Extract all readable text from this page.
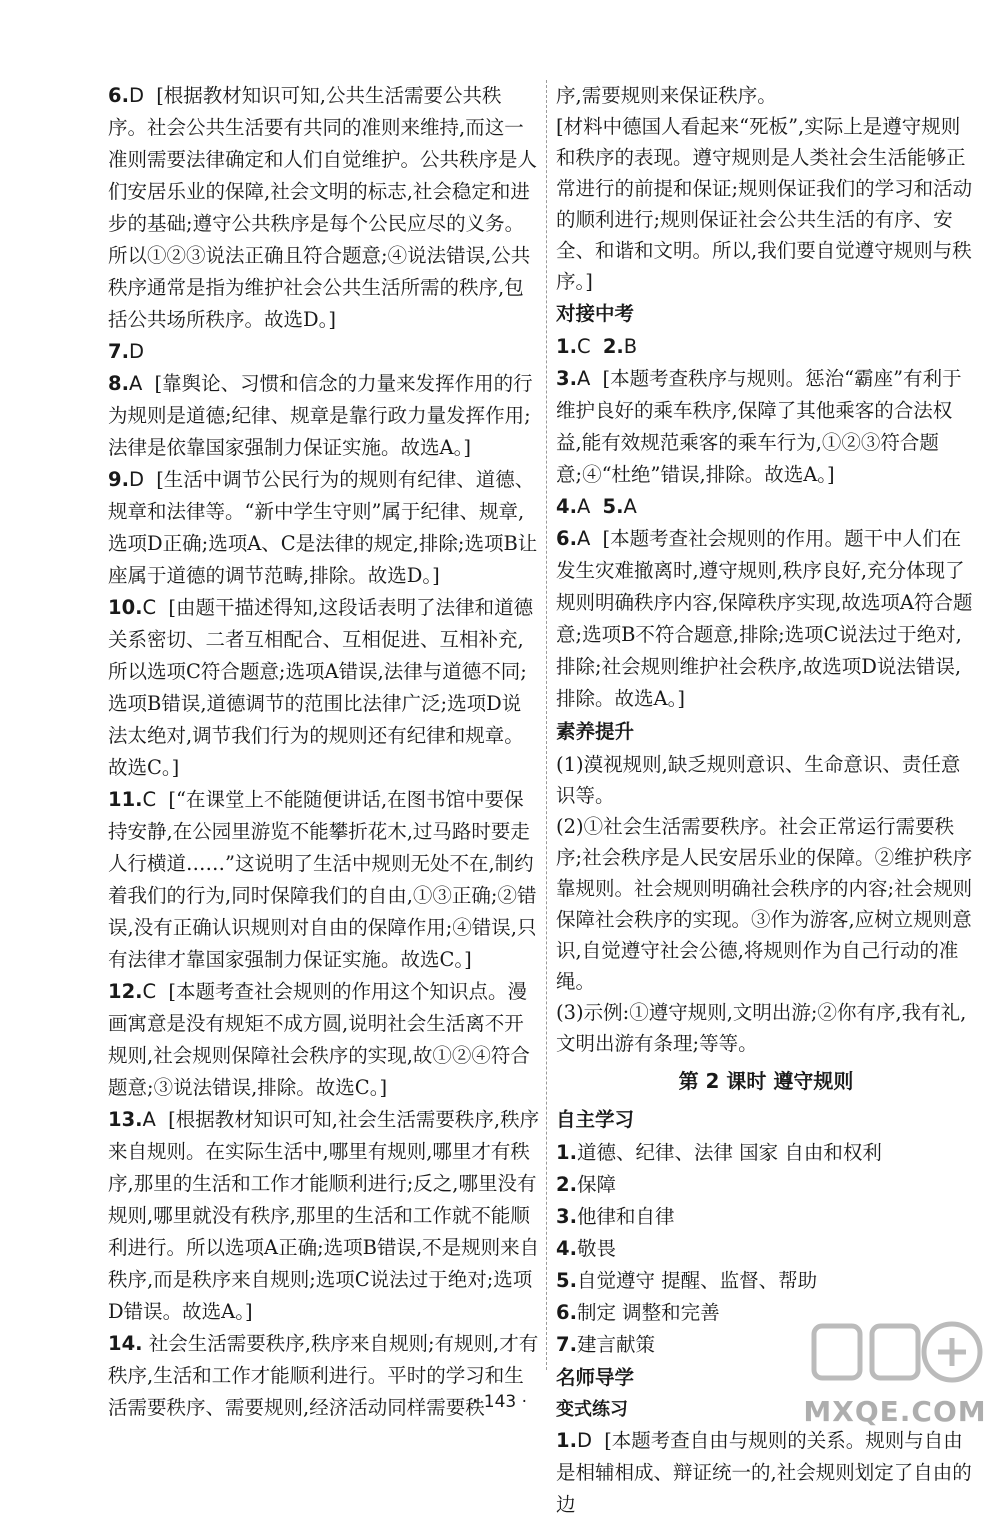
6.D [根据教材知识可知,公共生活需要公共秩序。社会公共生活要有共同的准则来维持,而这一准则需要法律确定和人们自觉维护。公共秩序是人们安居乐业的保障,社会文明的标志,社会稳定和进步的基础;遵守公共秩序是每个公民应尽的义务。所以①②③说法正确且符合题意;④说法错误,公共秩序通常是指为维护社会公共生活所需的秩序,包括公共场所秩序。故选D。]
7.D
8.A [靠舆论、习惯和信念的力量来发挥作用的行为规则是道德;纪律、规章是靠行政力量发挥作用;法律是依靠国家强制力保证实施。故选A。]
9.D [生活中调节公民行为的规则有纪律、道德、规章和法律等。“新中学生守则”属于纪律、规章,选项D正确;选项A、C是法律的规定,排除;选项B让座属于道德的调节范畴,排除。故选D。]
10.C [由题干描述得知,这段话表明了法律和道德关系密切、二者互相配合、互相促进、互相补充,所以选项C符合题意;选项A错误,法律与道德不同;选项B错误,道德调节的范围比法律广泛;选项D说法太绝对,调节我们行为的规则还有纪律和规章。故选C。]
11.C [“在课堂上不能随便讲话,在图书馆中要保持安静,在公园里游览不能攀折花木,过马路时要走人行横道……”这说明了生活中规则无处不在,制约着我们的行为,同时保障我们的自由,①③正确;②错误,没有正确认识规则对自由的保障作用;④错误,只有法律才靠国家强制力保证实施。故选C。]
12.C [本题考查社会规则的作用这个知识点。漫画寓意是没有规矩不成方圆,说明社会生活离不开规则,社会规则保障社会秩序的实现,故①②④符合题意;③说法错误,排除。故选C。]
13.A [根据教材知识可知,社会生活需要秩序,秩序来自规则。在实际生活中,哪里有规则,哪里才有秩序,那里的生活和工作才能顺利进行;反之,哪里没有规则,哪里就没有秩序,那里的生活和工作就不能顺利进行。所以选项A正确;选项B错误,不是规则来自秩序,而是秩序来自规则;选项C说法过于绝对;选项D错误。故选A。]
14. 社会生活需要秩序,秩序来自规则;有规则,才有秩序,生活和工作才能顺利进行。平时的学习和生活需要秩序、需要规则,经济活动同样需要秩
序,需要规则来保证秩序。
[材料中德国人看起来“死板”,实际上是遵守规则和秩序的表现。遵守规则是人类社会生活能够正常进行的前提和保证;规则保证我们的学习和活动的顺利进行;规则保证社会公共生活的有序、安全、和谐和文明。所以,我们要自觉遵守规则与秩序。]
对接中考
1.C 2.B
3.A [本题考查秩序与规则。惩治“霸座”有利于维护良好的乘车秩序,保障了其他乘客的合法权益,能有效规范乘客的乘车行为,①②③符合题意;④“杜绝”错误,排除。故选A。]
4.A 5.A
6.A [本题考查社会规则的作用。题干中人们在发生灾难撤离时,遵守规则,秩序良好,充分体现了规则明确秩序内容,保障秩序实现,故选项A符合题意;选项B不符合题意,排除;选项C说法过于绝对,排除;社会规则维护社会秩序,故选项D说法错误,排除。故选A。]
素养提升
(1)漠视规则,缺乏规则意识、生命意识、责任意识等。
(2)①社会生活需要秩序。社会正常运行需要秩序;社会秩序是人民安居乐业的保障。②维护秩序靠规则。社会规则明确社会秩序的内容;社会规则保障社会秩序的实现。③作为游客,应树立规则意识,自觉遵守社会公德,将规则作为自己行动的准绳。
(3)示例:①遵守规则,文明出游;②你有序,我有礼,文明出游有条理;等等。
第 2 课时 遵守规则
自主学习
1.道德、纪律、法律 国家 自由和权利
2.保障
3.他律和自律
4.敬畏
5.自觉遵守 提醒、监督、帮助
6.制定 调整和完善
7.建言献策
名师导学
变式练习
1.D [本题考查自由与规则的关系。规则与自由是相辅相成、辩证统一的,社会规则划定了自由的边
· 143 ·	MXQE.COM
